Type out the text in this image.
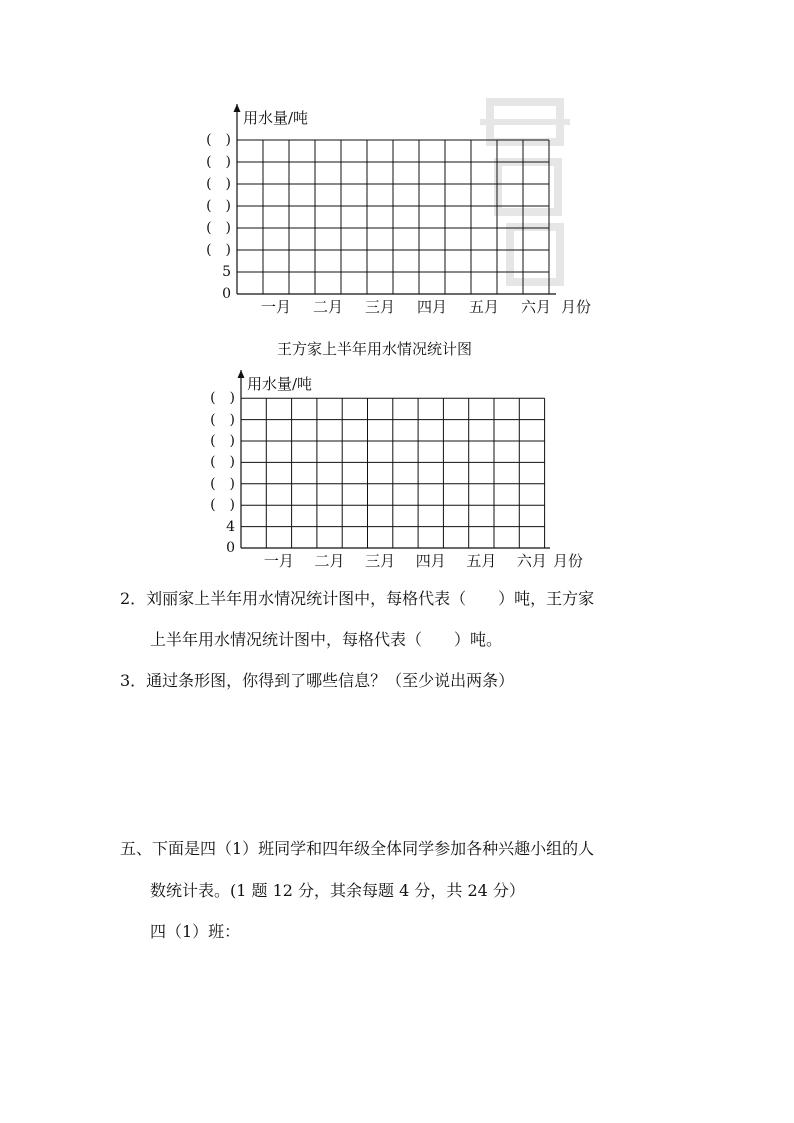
用水量/吨
0
5
(　)
(　)
(　)
(　)
(　)
(　)
一月	二月	三月	四月	五月	六月 月份
王方家上半年用水情况统计图
用水量/吨
0
4
(　)
(　)
(　)
(　)
(　)
(　)
一月	二月	三月	四月	五月	六月 月份
2．刘丽家上半年用水情况统计图中，每格代表（　　）吨，王方家
上半年用水情况统计图中，每格代表（　　）吨。
3．通过条形图，你得到了哪些信息？（至少说出两条）
五、下面是四（1）班同学和四年级全体同学参加各种兴趣小组的人
数统计表。(1 题 12 分，其余每题 4 分，共 24 分）
四（1）班：
